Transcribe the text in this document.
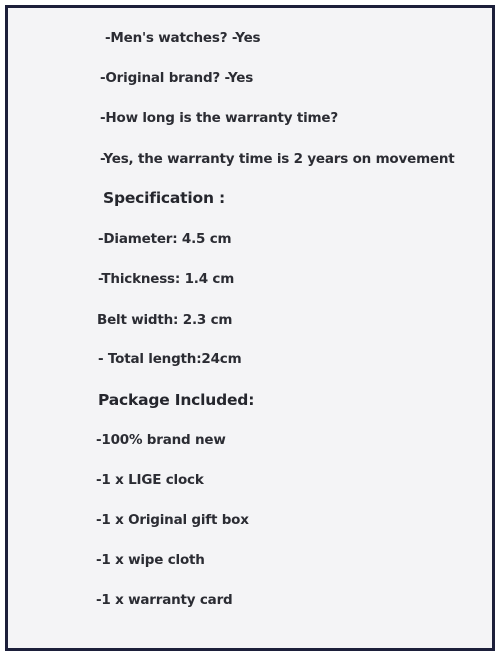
-Men's watches? -Yes
-Original brand? -Yes
-How long is the warranty time?
-Yes, the warranty time is 2 years on movement
Specification :
-Diameter: 4.5 cm
-Thickness: 1.4 cm
Belt width: 2.3 cm
- Total length:24cm
Package Included:
-100% brand new
-1 x LIGE clock
-1 x Original gift box
-1 x wipe cloth
-1 x warranty card
